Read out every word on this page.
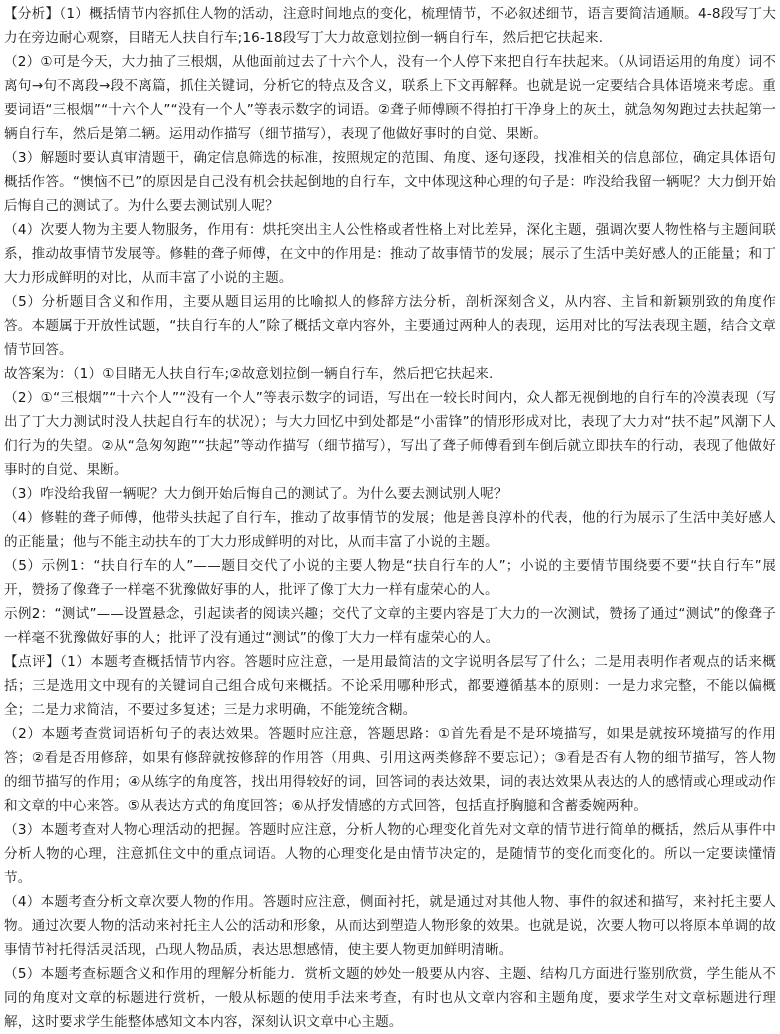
【分析】（1）概括情节内容抓住人物的活动，注意时间地点的变化，梳理情节，不必叙述细节，语言要简洁通顺。4-8段写丁大力在旁边耐心观察，目睹无人扶自行车;16-18段写丁大力故意划拉倒一辆自行车，然后把它扶起来.

（2）①可是今天，大力抽了三根烟，从他面前过去了十六个人，没有一个人停下来把自行车扶起来。（从词语运用的角度）词不离句→句不离段→段不离篇，抓住关键词，分析它的特点及含义，联系上下文再解释。也就是说一定要结合具体语境来考虑。重要词语“三根烟”“十六个人”“没有一个人”等表示数字的词语。②聋子师傅顾不得拍打干净身上的灰土，就急匆匆跑过去扶起第一辆自行车，然后是第二辆。运用动作描写（细节描写），表现了他做好事时的自觉、果断。

（3）解题时要认真审清题干，确定信息筛选的标准，按照规定的范围、角度、逐句逐段，找准相关的信息部位，确定具体语句概括作答。“懊恼不已”的原因是自己没有机会扶起倒地的自行车，文中体现这种心理的句子是：咋没给我留一辆呢？大力倒开始后悔自己的测试了。为什么要去测试别人呢？

（4）次要人物为主要人物服务，作用有：烘托突出主人公性格或者性格上对比差异，深化主题，强调次要人物性格与主题间联系，推动故事情节发展等。修鞋的聋子师傅，在文中的作用是：推动了故事情节的发展；展示了生活中美好感人的正能量；和丁大力形成鲜明的对比，从而丰富了小说的主题。

（5）分析题目含义和作用，主要从题目运用的比喻拟人的修辞方法分析，剖析深刻含义，从内容、主旨和新颖别致的角度作答。本题属于开放性试题，“扶自行车的人”除了概括文章内容外，主要通过两种人的表现，运用对比的写法表现主题，结合文章情节回答。

故答案为：（1）①目睹无人扶自行车;②故意划拉倒一辆自行车，然后把它扶起来.

（2）①“三根烟”“十六个人”“没有一个人”等表示数字的词语，写出在一较长时间内，众人都无视倒地的自行车的冷漠表现（写出了丁大力测试时没人扶起自行车的状况）；与大力回忆中到处都是“小雷锋”的情形形成对比，表现了大力对“扶不起”风潮下人们行为的失望。②从“急匆匆跑”“扶起”等动作描写（细节描写），写出了聋子师傅看到车倒后就立即扶车的行动，表现了他做好事时的自觉、果断。

（3）咋没给我留一辆呢？大力倒开始后悔自己的测试了。为什么要去测试别人呢？

（4）修鞋的聋子师傅，他带头扶起了自行车，推动了故事情节的发展；他是善良淳朴的代表，他的行为展示了生活中美好感人的正能量；他与不能主动扶车的丁大力形成鲜明的对比，从而丰富了小说的主题。

（5）示例1：“扶自行车的人”——题目交代了小说的主要人物是“扶自行车的人”；小说的主要情节围绕要不要“扶自行车”展开，赞扬了像聋子一样毫不犹豫做好事的人，批评了像丁大力一样有虚荣心的人。

示例2：“测试”——设置悬念，引起读者的阅读兴趣；交代了文章的主要内容是丁大力的一次测试，赞扬了通过“测试”的像聋子一样毫不犹豫做好事的人；批评了没有通过“测试”的像丁大力一样有虚荣心的人。

【点评】（1）本题考查概括情节内容。答题时应注意，一是用最简洁的文字说明各层写了什么；二是用表明作者观点的话来概括；三是选用文中现有的关键词自己组合成句来概括。不论采用哪种形式，都要遵循基本的原则：一是力求完整，不能以偏概全；二是力求简洁，不要过多复述；三是力求明确，不能笼统含糊。

（2）本题考查赏词语析句子的表达效果。答题时应注意，答题思路：①首先看是不是环境描写，如果是就按环境描写的作用答；②看是否用修辞，如果有修辞就按修辞的作用答（用典、引用这两类修辞不要忘记）；③看是否有人物的细节描写，答人物的细节描写的作用；④从练字的角度答，找出用得较好的词，回答词的表达效果，词的表达效果从表达的人的感情或心理或动作和文章的中心来答。⑤从表达方式的角度回答；⑥从抒发情感的方式回答，包括直抒胸臆和含蓄委婉两种。

（3）本题考查对人物心理活动的把握。答题时应注意，分析人物的心理变化首先对文章的情节进行简单的概括，然后从事件中分析人物的心理，注意抓住文中的重点词语。人物的心理变化是由情节决定的，是随情节的变化而变化的。所以一定要读懂情节。

（4）本题考查分析文章次要人物的作用。答题时应注意，侧面衬托，就是通过对其他人物、事件的叙述和描写，来衬托主要人物。通过次要人物的活动来衬托主人公的活动和形象，从而达到塑造人物形象的效果。也就是说，次要人物可以将原本单调的故事情节衬托得活灵活现，凸现人物品质，表达思想感情，使主要人物更加鲜明清晰。

（5）本题考查标题含义和作用的理解分析能力．赏析文题的妙处一般要从内容、主题、结构几方面进行鉴别欣赏，学生能从不同的角度对文章的标题进行赏析，一般从标题的使用手法来考查，有时也从文章内容和主题角度，要求学生对文章标题进行理解，这时要求学生能整体感知文本内容，深刻认识文章中心主题。
